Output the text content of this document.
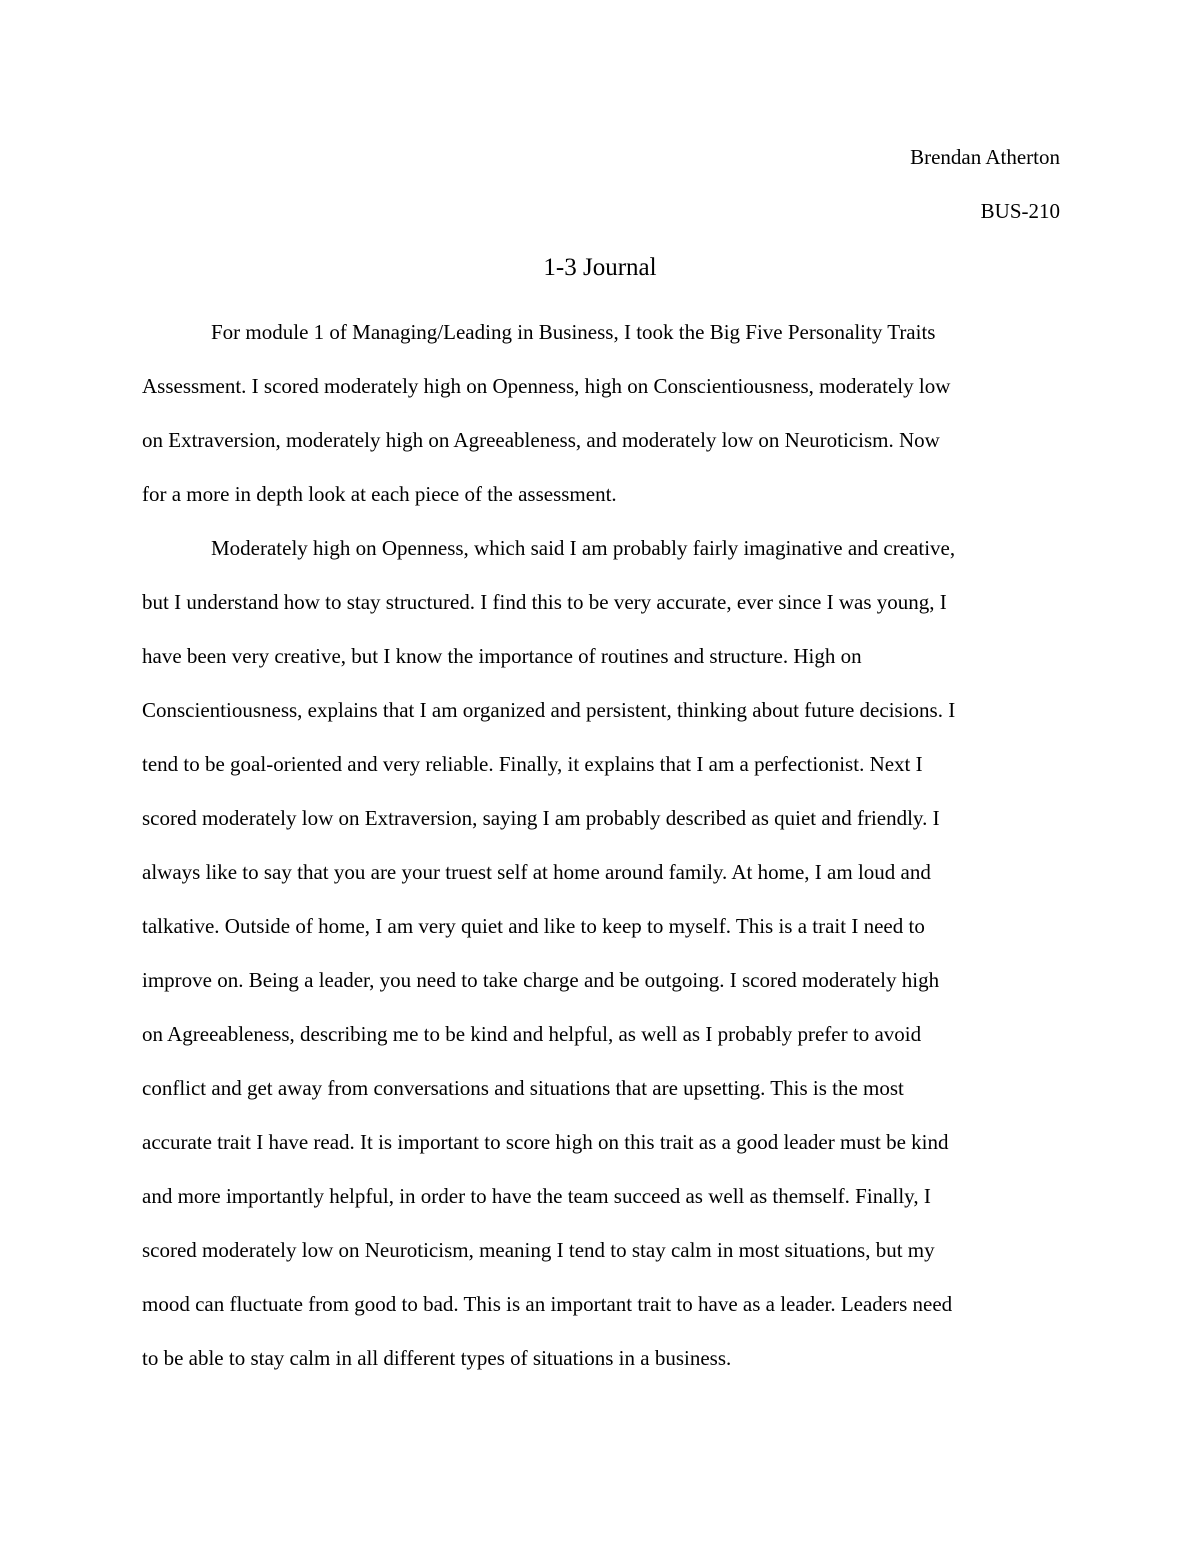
Brendan Atherton
BUS-210
1-3 Journal
For module 1 of Managing/Leading in Business, I took the Big Five Personality Traits
Assessment. I scored moderately high on Openness, high on Conscientiousness, moderately low
on Extraversion, moderately high on Agreeableness, and moderately low on Neuroticism. Now
for a more in depth look at each piece of the assessment.
Moderately high on Openness, which said I am probably fairly imaginative and creative,
but I understand how to stay structured. I find this to be very accurate, ever since I was young, I
have been very creative, but I know the importance of routines and structure. High on
Conscientiousness, explains that I am organized and persistent, thinking about future decisions. I
tend to be goal-oriented and very reliable. Finally, it explains that I am a perfectionist. Next I
scored moderately low on Extraversion, saying I am probably described as quiet and friendly. I
always like to say that you are your truest self at home around family. At home, I am loud and
talkative. Outside of home, I am very quiet and like to keep to myself. This is a trait I need to
improve on. Being a leader, you need to take charge and be outgoing. I scored moderately high
on Agreeableness, describing me to be kind and helpful, as well as I probably prefer to avoid
conflict and get away from conversations and situations that are upsetting. This is the most
accurate trait I have read. It is important to score high on this trait as a good leader must be kind
and more importantly helpful, in order to have the team succeed as well as themself. Finally, I
scored moderately low on Neuroticism, meaning I tend to stay calm in most situations, but my
mood can fluctuate from good to bad. This is an important trait to have as a leader. Leaders need
to be able to stay calm in all different types of situations in a business.
